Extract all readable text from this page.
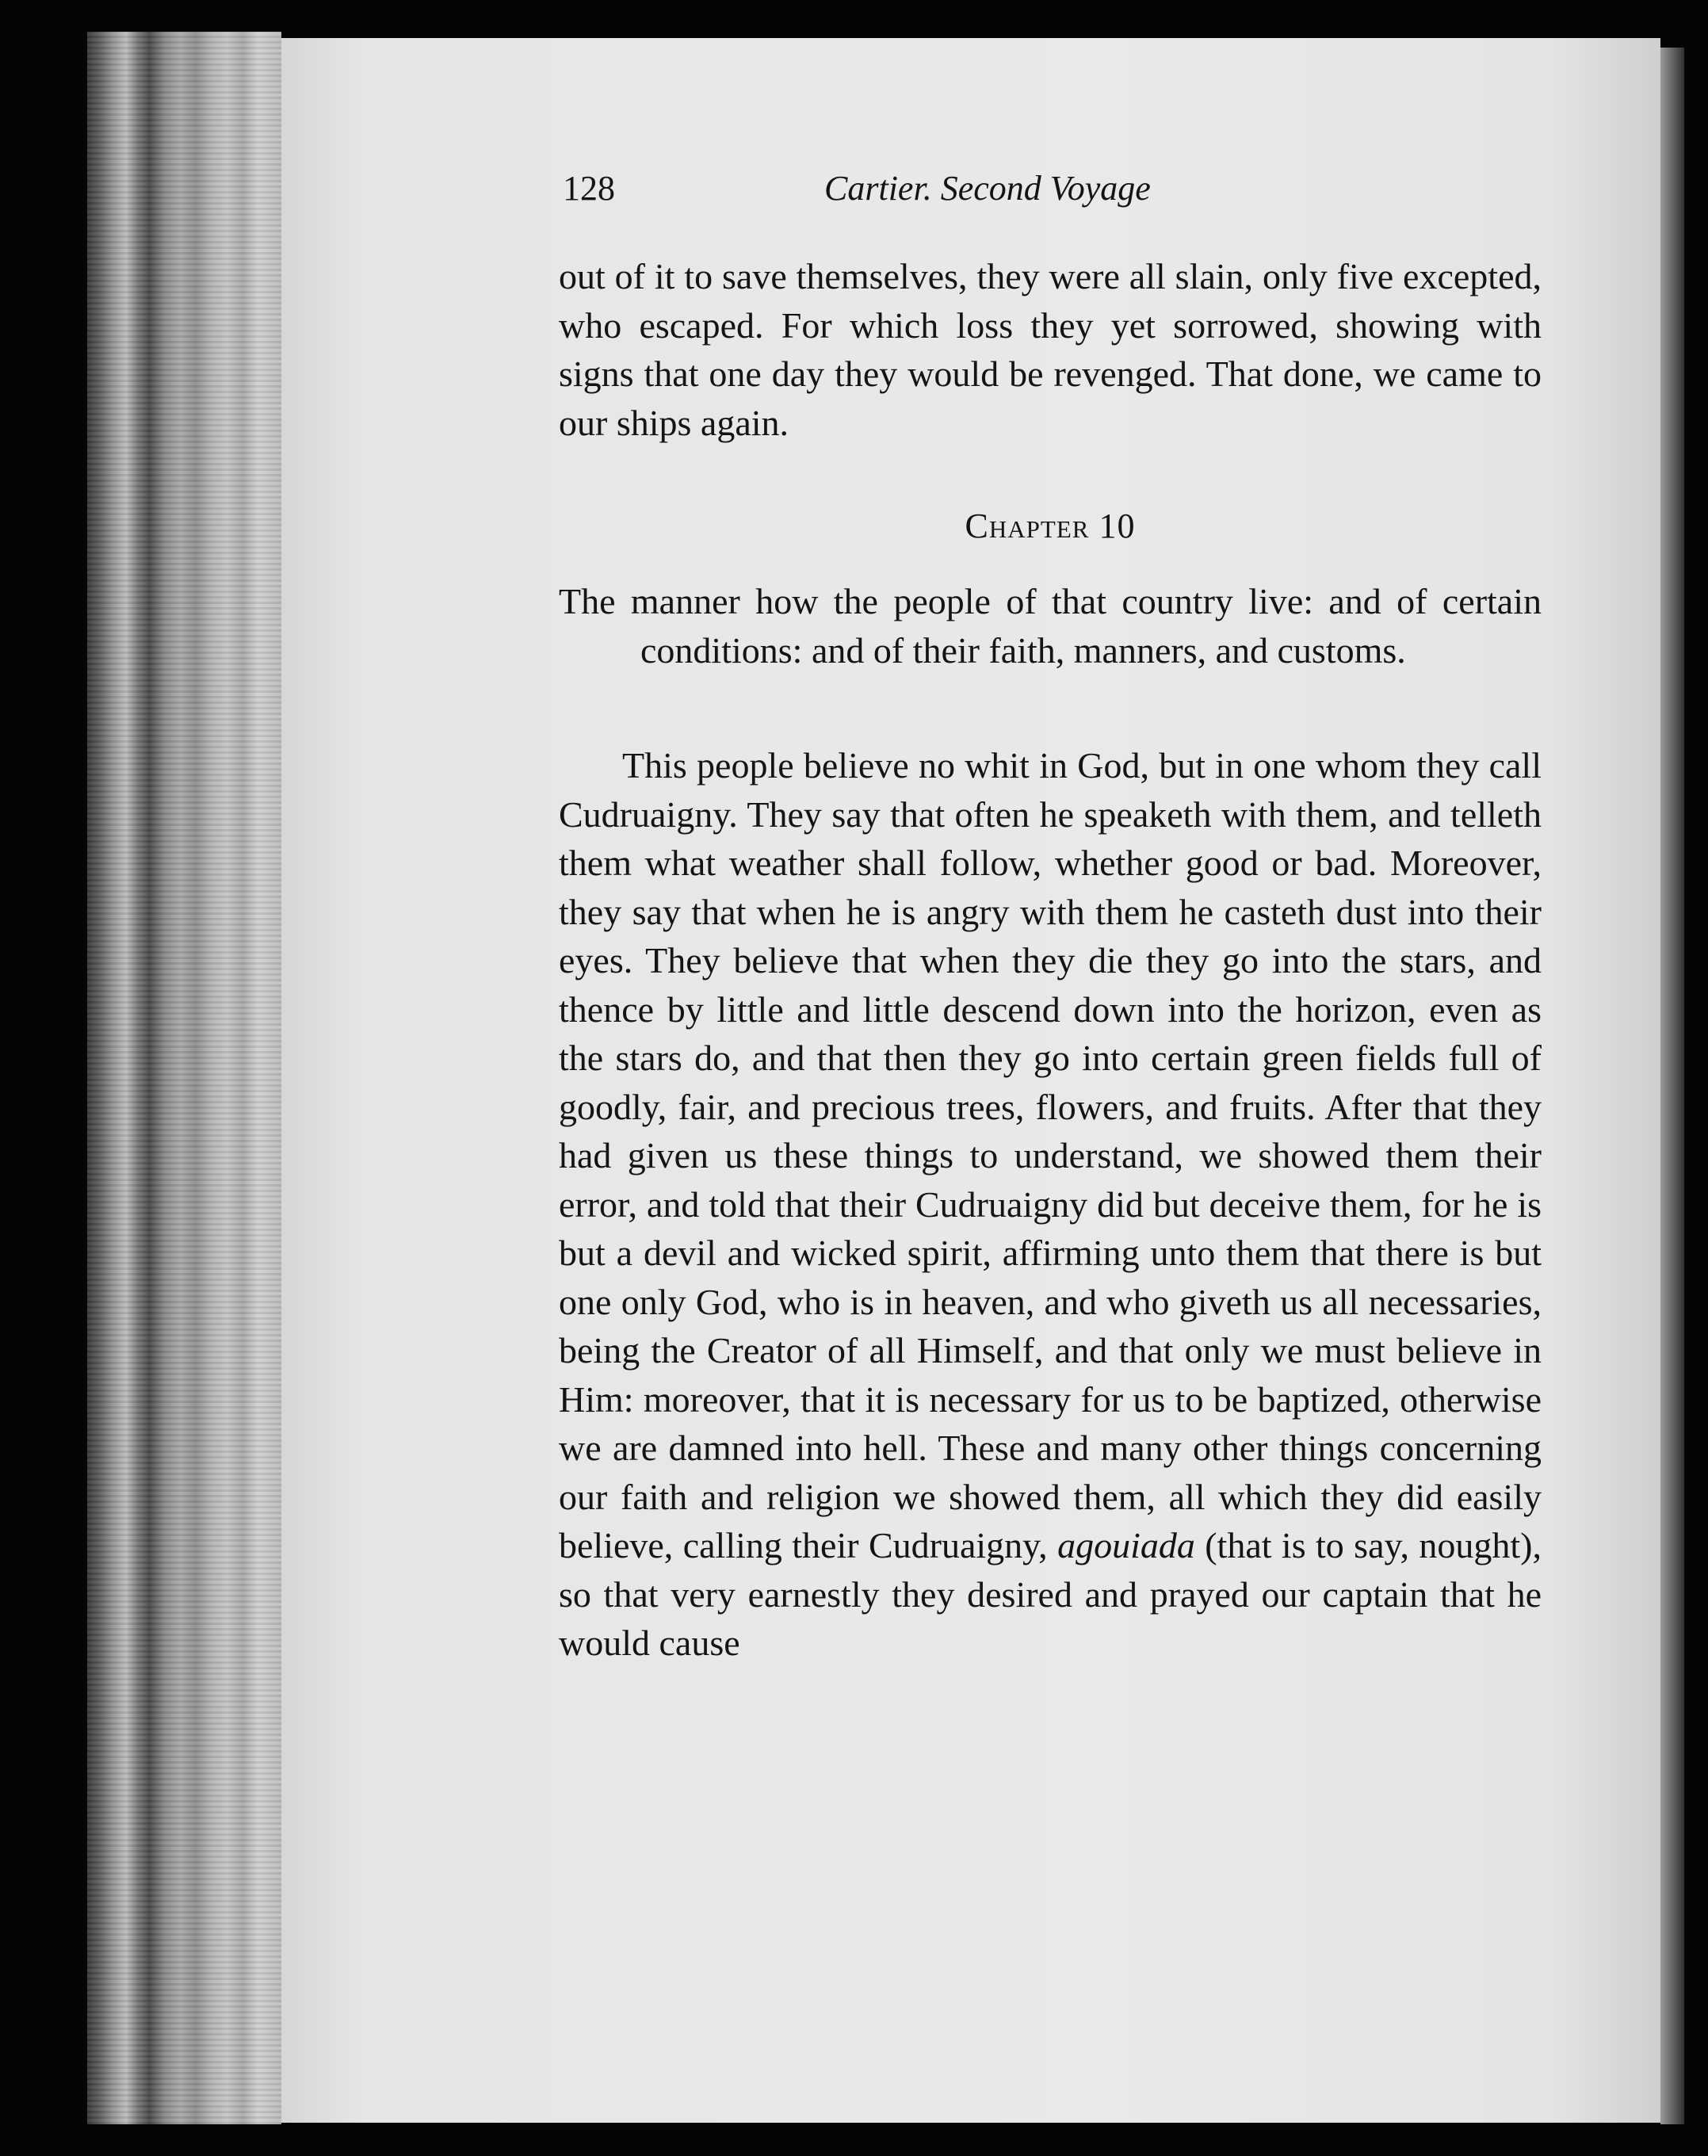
128	Cartier. Second Voyage

out of it to save themselves, they were all slain, only five excepted, who escaped. For which loss they yet sorrowed, showing with signs that one day they would be revenged. That done, we came to our ships again.

Chapter 10
The manner how the people of that country live: and of certain conditions: and of their faith, manners, and customs.

This people believe no whit in God, but in one whom they call Cudruaigny. They say that often he speaketh with them, and telleth them what weather shall follow, whether good or bad. Moreover, they say that when he is angry with them he casteth dust into their eyes. They believe that when they die they go into the stars, and thence by little and little descend down into the horizon, even as the stars do, and that then they go into certain green fields full of goodly, fair, and precious trees, flowers, and fruits. After that they had given us these things to understand, we showed them their error, and told that their Cudruaigny did but deceive them, for he is but a devil and wicked spirit, affirming unto them that there is but one only God, who is in heaven, and who giveth us all necessaries, being the Creator of all Himself, and that only we must believe in Him: moreover, that it is necessary for us to be baptized, otherwise we are damned into hell. These and many other things concerning our faith and religion we showed them, all which they did easily believe, calling their Cudruaigny, agouiada (that is to say, nought), so that very earnestly they desired and prayed our captain that he would cause
